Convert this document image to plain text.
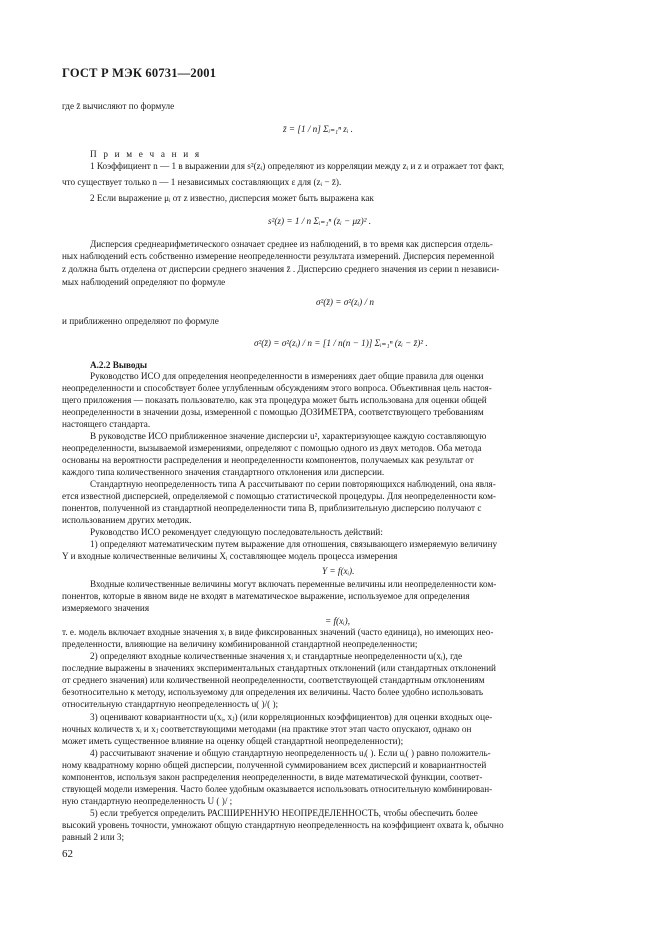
ГОСТ Р МЭК 60731—2001
где z̄ вычисляют по формуле
z̄ = [1 / n] Σᵢ₌₁ⁿ zᵢ .
П р и м е ч а н и я
1 Коэффициент n — 1 в выражении для s²(zᵢ) определяют из корреляции между zᵢ и z и отражает тот факт,
что существует только n — 1 независимых составляющих ε для (zᵢ − z̄).
2 Если выражение μᵢ от z известно, дисперсия может быть выражена как
s²(z) = 1 / n Σᵢ₌₁ⁿ (zᵢ − μz)² .
Дисперсия среднеарифметического означает среднее из наблюдений, в то время как дисперсия отдель-
ных наблюдений есть собственно измерение неопределенности результата измерений. Дисперсия переменной
z должна быть отделена от дисперсии среднего значения z̄ . Дисперсию среднего значения из серии n независи-
мых наблюдений определяют по формуле
σ²(z̄) = σ²(zᵢ) / n
и приближенно определяют по формуле
σ²(z̄) = σ²(zᵢ) / n = [1 / n(n − 1)] Σᵢ₌₁ⁿ (zᵢ − z̄)² .
А.2.2 Выводы
Руководство ИСО для определения неопределенности в измерениях дает общие правила для оценки
неопределенности и способствует более углубленным обсуждениям этого вопроса. Объективная цель настоя-
щего приложения — показать пользователю, как эта процедура может быть использована для оценки общей
неопределенности в значении дозы, измеренной с помощью ДОЗИМЕТРА, соответствующего требованиям
настоящего стандарта.
В руководстве ИСО приближенное значение дисперсии u², характеризующее каждую составляющую
неопределенности, вызываемой измерениями, определяют с помощью одного из двух методов. Оба метода
основаны на вероятности распределения и неопределенности компонентов, получаемых как результат от
каждого типа количественного значения стандартного отклонения или дисперсии.
Стандартную неопределенность типа А рассчитывают по серии повторяющихся наблюдений, она явля-
ется известной дисперсией, определяемой с помощью статистической процедуры. Для неопределенности ком-
понентов, полученной из стандартной неопределенности типа В, приблизительную дисперсию получают с
использованием других методик.
Руководство ИСО рекомендует следующую последовательность действий:
1) определяют математическим путем выражение для отношения, связывающего измеряемую величину
Y и входные количественные величины Xᵢ составляющее модель процесса измерения
Y = f(xᵢ).
Входные количественные величины могут включать переменные величины или неопределенности ком-
понентов, которые в явном виде не входят в математическое выражение, используемое для определения
измеряемого значения
= f(xᵢ),
т. е. модель включает входные значения xᵢ в виде фиксированных значений (часто единица), но имеющих нео-
пределенности, влияющие на величину комбинированной стандартной неопределенности;
2) определяют входные количественные значения xᵢ и стандартные неопределенности u(xᵢ), где
последние выражены в значениях экспериментальных стандартных отклонений (или стандартных отклонений
от среднего значения) или количественной неопределенности, соответствующей стандартным отклонениям
безотносительно к методу, используемому для определения их величины. Часто более удобно использовать
относительную стандартную неопределенность u( )/( );
3) оценивают ковариантности u(xᵢ, xⱼ) (или корреляционных коэффициентов) для оценки входных оце-
ночных количеств xᵢ и xⱼ соответствующими методами (на практике этот этап часто опускают, однако он
может иметь существенное влияние на оценку общей стандартной неопределенности);
4) рассчитывают значение и общую стандартную неопределенность uᵢ( ). Если uᵢ( ) равно положитель-
ному квадратному корню общей дисперсии, полученной суммированием всех дисперсий и ковариантностей
компонентов, используя закон распределения неопределенности, в виде математической функции, соответ-
ствующей модели измерения. Часто более удобным оказывается использовать относительную комбинирован-
ную стандартную неопределенность U ( )/ ;
5) если требуется определить РАСШИРЕННУЮ НЕОПРЕДЕЛЕННОСТЬ, чтобы обеспечить более
высокий уровень точности, умножают общую стандартную неопределенность на коэффициент охвата k, обычно
равный 2 или 3;
62
